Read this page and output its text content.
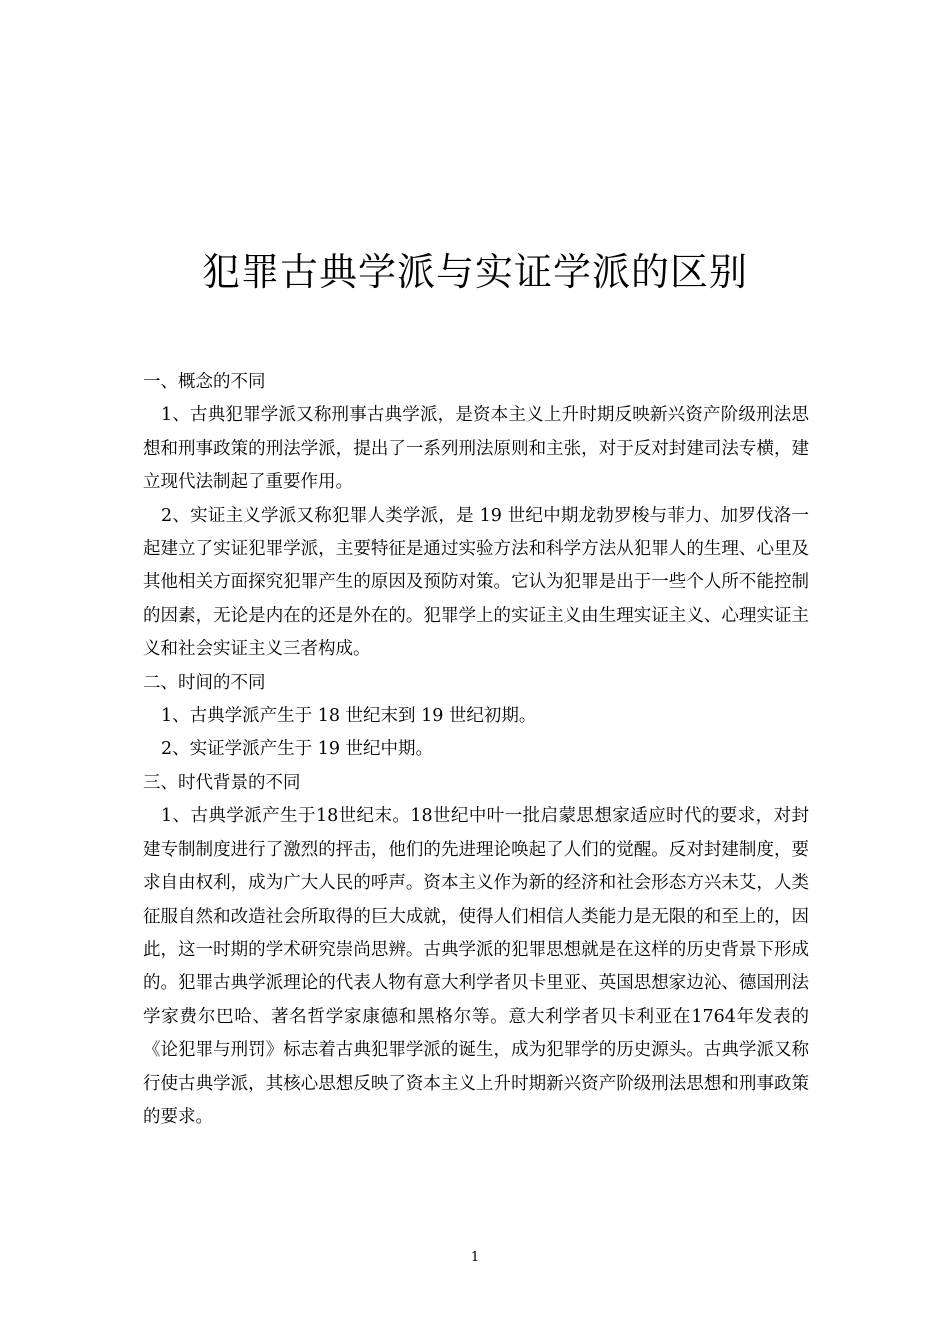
犯罪古典学派与实证学派的区别

一、概念的不同

1、古典犯罪学派又称刑事古典学派，是资本主义上升时期反映新兴资产阶级刑法思想和刑事政策的刑法学派，提出了一系列刑法原则和主张，对于反对封建司法专横，建立现代法制起了重要作用。

2、实证主义学派又称犯罪人类学派，是 19 世纪中期龙勃罗梭与菲力、加罗伐洛一起建立了实证犯罪学派，主要特征是通过实验方法和科学方法从犯罪人的生理、心里及其他相关方面探究犯罪产生的原因及预防对策。它认为犯罪是出于一些个人所不能控制的因素，无论是内在的还是外在的。犯罪学上的实证主义由生理实证主义、心理实证主义和社会实证主义三者构成。

二、时间的不同

1、古典学派产生于 18 世纪末到 19 世纪初期。

2、实证学派产生于 19 世纪中期。

三、时代背景的不同

1、古典学派产生于18世纪末。18世纪中叶一批启蒙思想家适应时代的要求，对封建专制制度进行了激烈的抨击，他们的先进理论唤起了人们的觉醒。反对封建制度，要求自由权利，成为广大人民的呼声。资本主义作为新的经济和社会形态方兴未艾，人类征服自然和改造社会所取得的巨大成就，使得人们相信人类能力是无限的和至上的，因此，这一时期的学术研究崇尚思辨。古典学派的犯罪思想就是在这样的历史背景下形成的。犯罪古典学派理论的代表人物有意大利学者贝卡里亚、英国思想家边沁、德国刑法学家费尔巴哈、著名哲学家康德和黑格尔等。意大利学者贝卡利亚在1764年发表的《论犯罪与刑罚》标志着古典犯罪学派的诞生，成为犯罪学的历史源头。古典学派又称行使古典学派，其核心思想反映了资本主义上升时期新兴资产阶级刑法思想和刑事政策的要求。

1
